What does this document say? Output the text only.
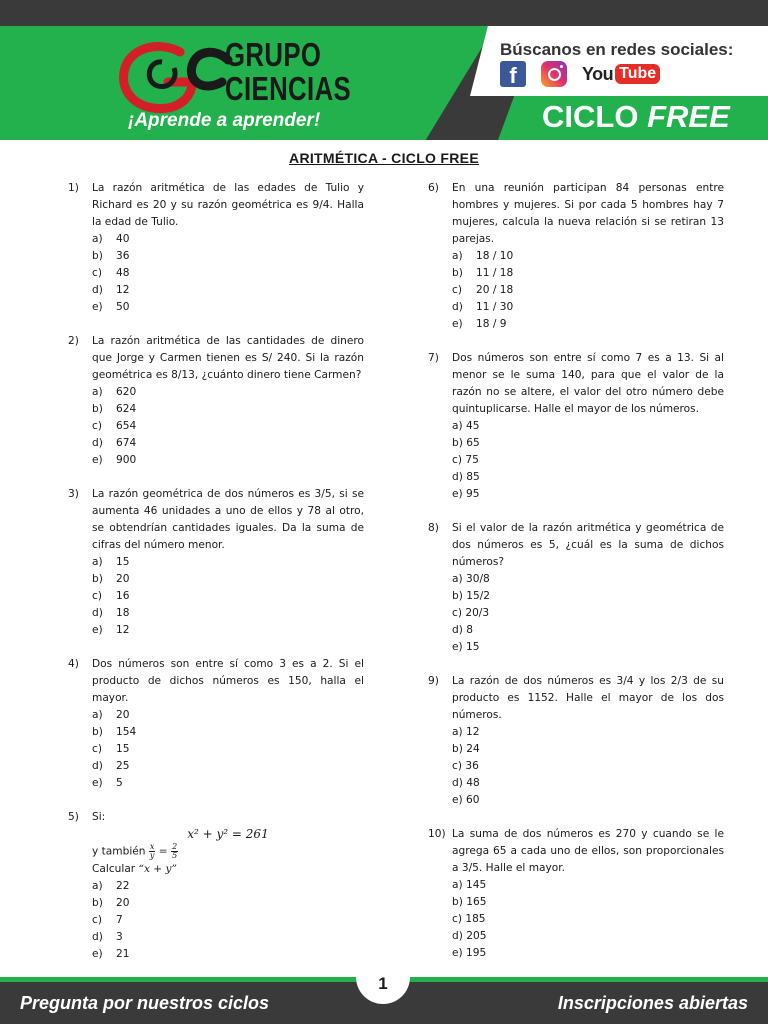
GRUPO
CIENCIAS
¡Aprende a aprender!
Búscanos en redes sociales:
f	You Tube
CICLO FREE
ARITMÉTICA - CICLO FREE
1) La razón aritmética de las edades de Tulio y Richard es 20 y su razón geométrica es 9/4. Halla la edad de Tulio.
a)	40
b)	36
c)	48
d)	12
e)	50
2) La razón aritmética de las cantidades de dinero que Jorge y Carmen tienen es S/ 240. Si la razón geométrica es 8/13, ¿cuánto dinero tiene Carmen?
a)	620
b)	624
c)	654
d)	674
e)	900
3) La razón geométrica de dos números es 3/5, si se aumenta 46 unidades a uno de ellos y 78 al otro, se obtendrían cantidades iguales. Da la suma de cifras del número menor.
a)	15
b)	20
c)	16
d)	18
e)	12
4) Dos números son entre sí como 3 es a 2. Si el producto de dichos números es 150, halla el mayor.
a)	20
b)	154
c)	15
d)	25
e)	5
5) Si:
x² + y² = 261
y también $\frac{x}{y} = \frac{2}{5}$
Calcular “x + y”
a)	22
b)	20
c)	7
d)	3
e)	21
6) En una reunión participan 84 personas entre hombres y mujeres. Si por cada 5 hombres hay 7 mujeres, calcula la nueva relación si se retiran 13 parejas.
a)	18 / 10
b)	11 / 18
c)	20 / 18
d)	11 / 30
e)	18 / 9
7) Dos números son entre sí como 7 es a 13. Si al menor se le suma 140, para que el valor de la razón no se altere, el valor del otro número debe quintuplicarse. Halle el mayor de los números.
a) 45
b) 65
c) 75
d) 85
e) 95
8) Si el valor de la razón aritmética y geométrica de dos números es 5, ¿cuál es la suma de dichos números?
a) 30/8
b) 15/2
c) 20/3
d) 8
e) 15
9) La razón de dos números es 3/4 y los 2/3 de su producto es 1152. Halle el mayor de los dos números.
a) 12
b) 24
c) 36
d) 48
e) 60
10) La suma de dos números es 270 y cuando se le agrega 65 a cada uno de ellos, son proporcionales a 3/5. Halle el mayor.
a) 145
b) 165
c) 185
d) 205
e) 195
Pregunta por nuestros ciclos	Inscripciones abiertas
1
